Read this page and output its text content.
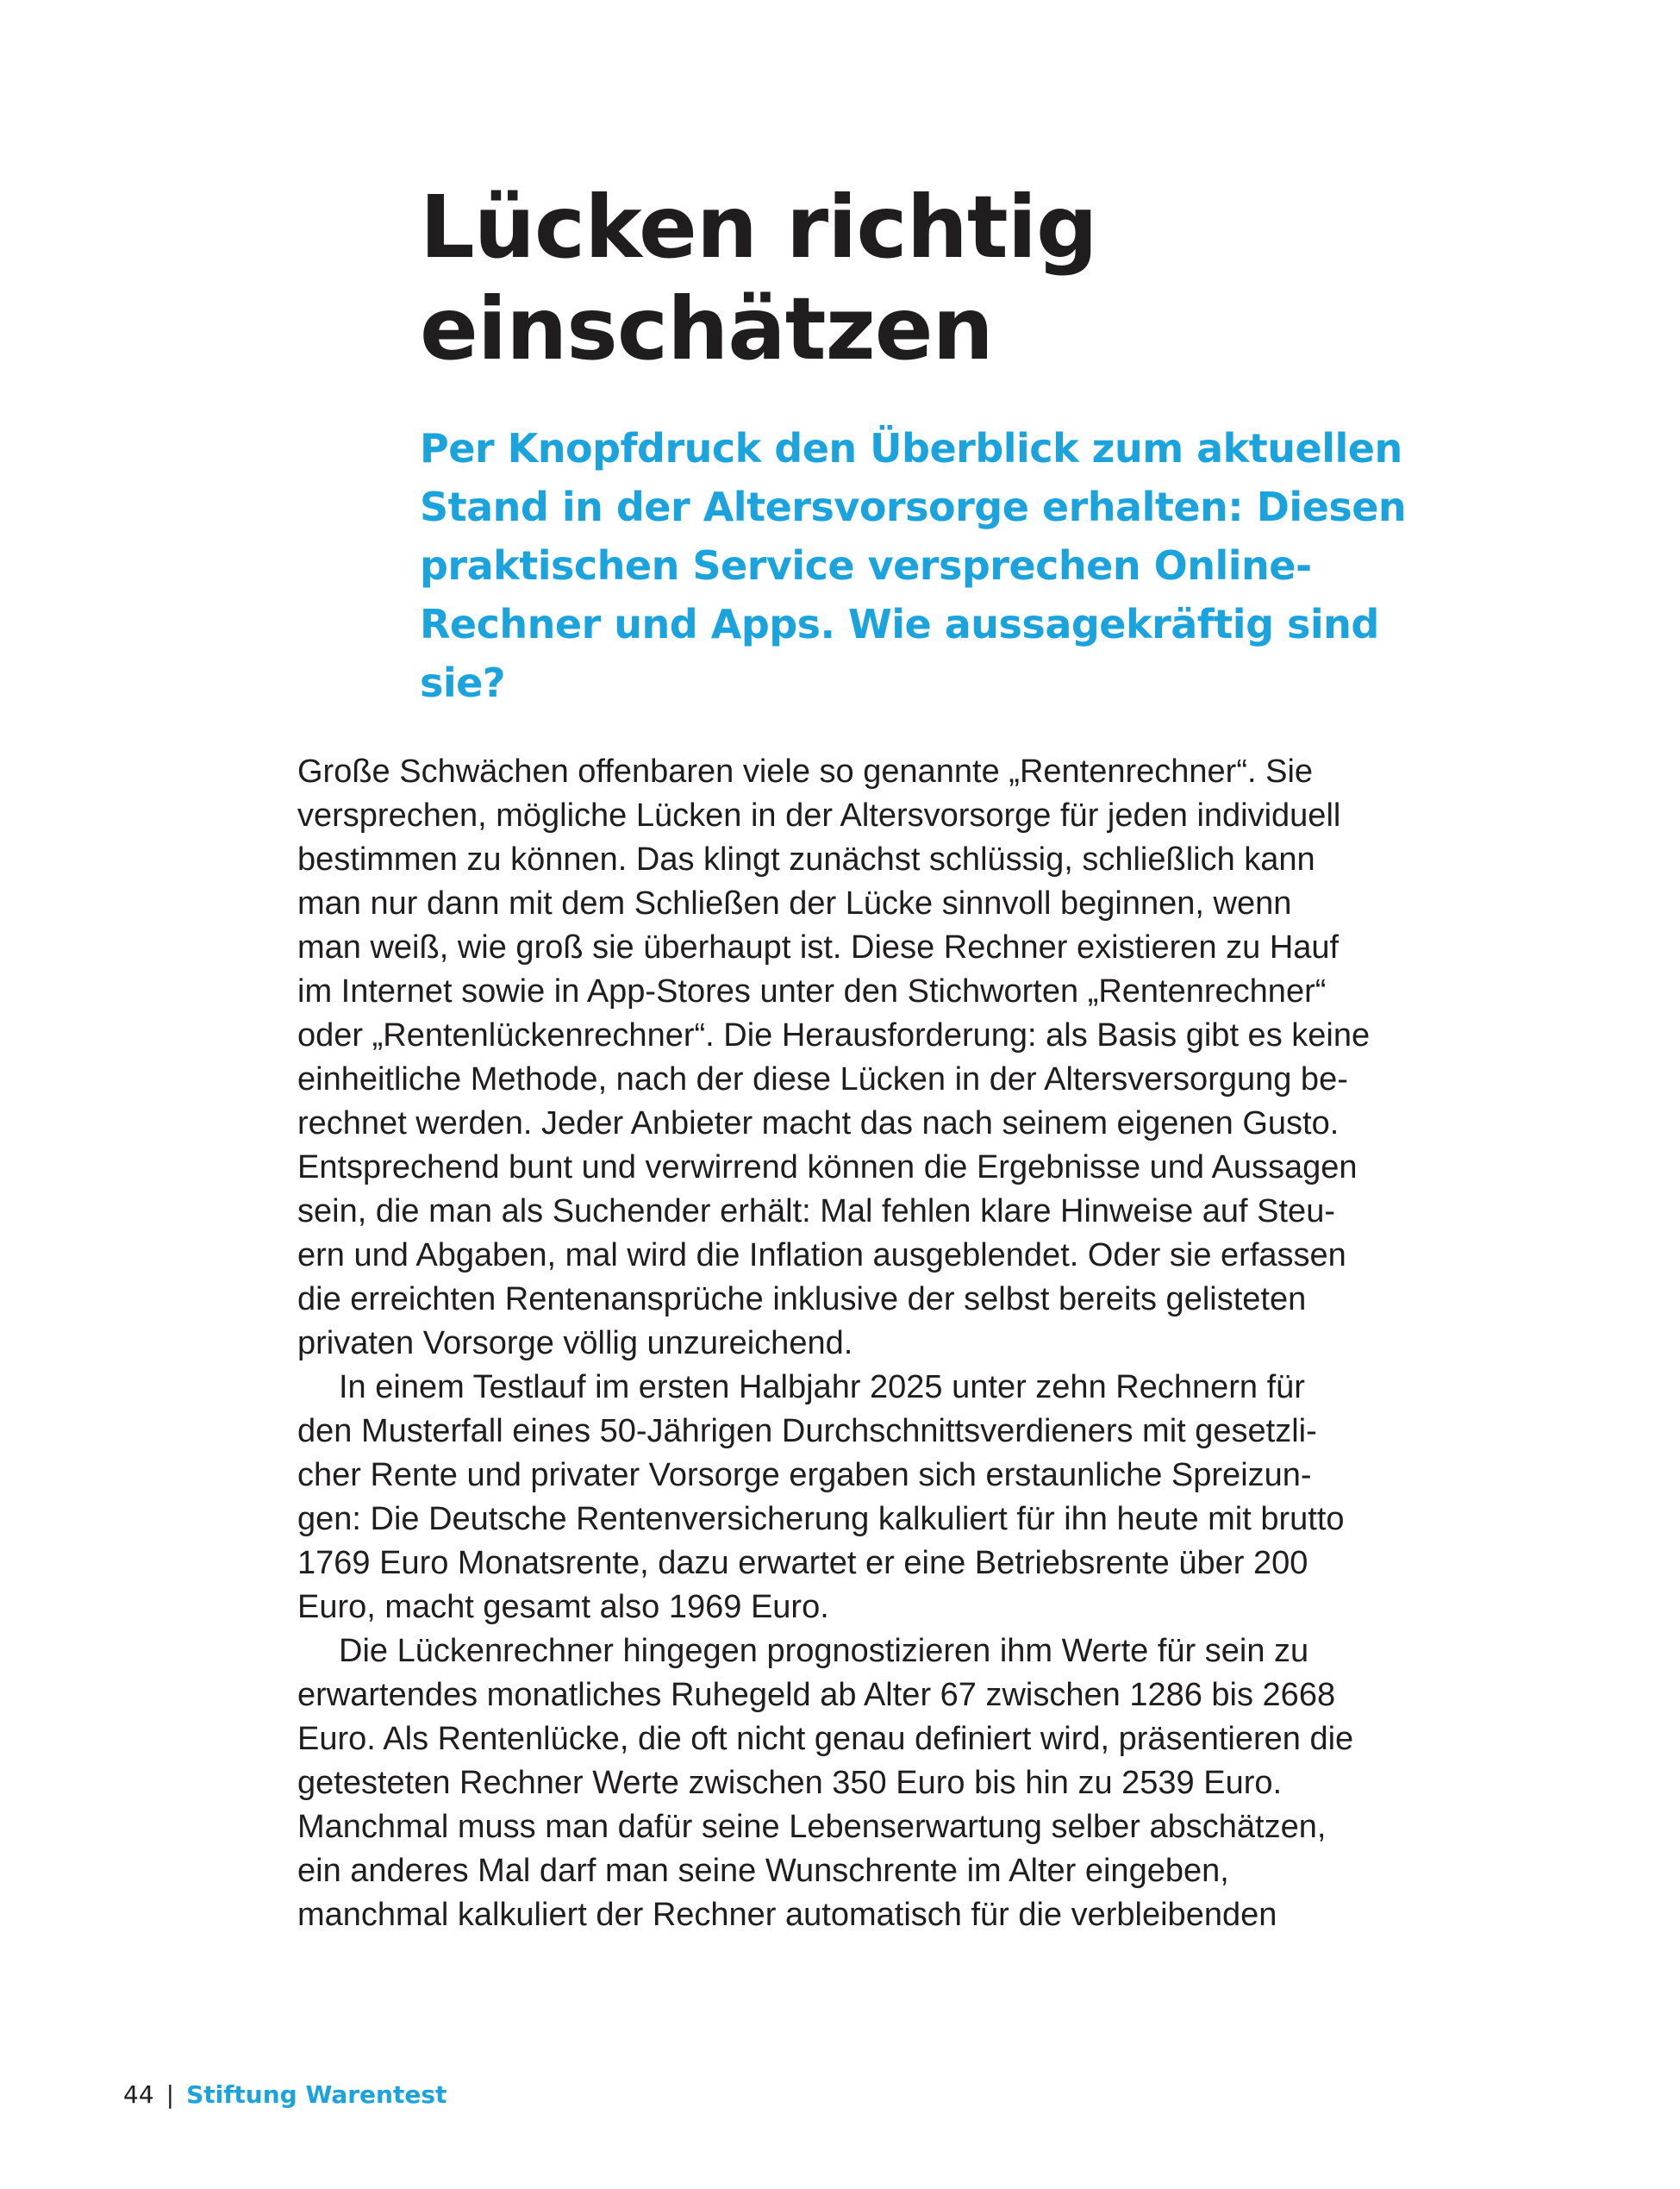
Lücken richtig
einschätzen
Per Knopfdruck den Überblick zum aktuellen
Stand in der Altersvorsorge erhalten: Diesen
praktischen Service versprechen Online-
Rechner und Apps. Wie aussagekräftig sind
sie?

Große Schwächen offenbaren viele so genannte „Rentenrechner“. Sie
versprechen, mögliche Lücken in der Altersvorsorge für jeden individuell
bestimmen zu können. Das klingt zunächst schlüssig, schließlich kann
man nur dann mit dem Schließen der Lücke sinnvoll beginnen, wenn
man weiß, wie groß sie überhaupt ist. Diese Rechner existieren zu Hauf
im Internet sowie in App-Stores unter den Stichworten „Rentenrechner“
oder „Rentenlückenrechner“. Die Herausforderung: als Basis gibt es keine
einheitliche Methode, nach der diese Lücken in der Altersversorgung be-
rechnet werden. Jeder Anbieter macht das nach seinem eigenen Gusto.
Entsprechend bunt und verwirrend können die Ergebnisse und Aussagen
sein, die man als Suchender erhält: Mal fehlen klare Hinweise auf Steu-
ern und Abgaben, mal wird die Inflation ausgeblendet. Oder sie erfassen
die erreichten Rentenansprüche inklusive der selbst bereits gelisteten
privaten Vorsorge völlig unzureichend.

In einem Testlauf im ersten Halbjahr 2025 unter zehn Rechnern für
den Musterfall eines 50-Jährigen Durchschnittsverdieners mit gesetzli-
cher Rente und privater Vorsorge ergaben sich erstaunliche Spreizun-
gen: Die Deutsche Rentenversicherung kalkuliert für ihn heute mit brutto
1769 Euro Monatsrente, dazu erwartet er eine Betriebsrente über 200
Euro, macht gesamt also 1969 Euro.

Die Lückenrechner hingegen prognostizieren ihm Werte für sein zu
erwartendes monatliches Ruhegeld ab Alter 67 zwischen 1286 bis 2668
Euro. Als Rentenlücke, die oft nicht genau definiert wird, präsentieren die
getesteten Rechner Werte zwischen 350 Euro bis hin zu 2539 Euro.
Manchmal muss man dafür seine Lebenserwartung selber abschätzen,
ein anderes Mal darf man seine Wunschrente im Alter eingeben,
manchmal kalkuliert der Rechner automatisch für die verbleibenden

44 | Stiftung Warentest
